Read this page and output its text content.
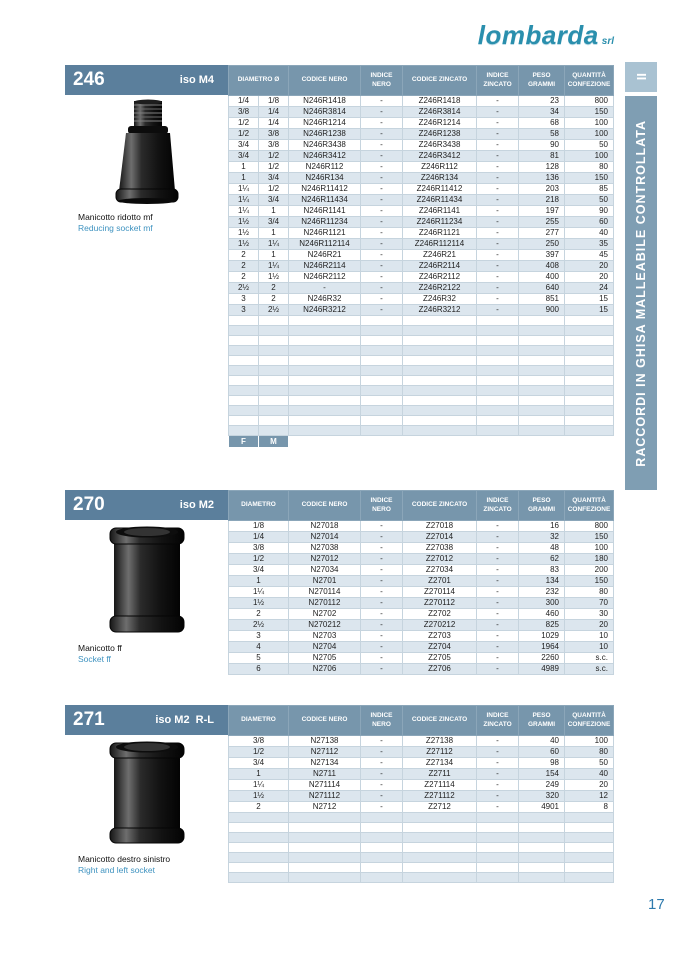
lombarda srl
II
RACCORDI IN GHISA MALLEABILE CONTROLLATA
246	iso M4
Manicotto ridotto mf
Reducing socket mf
DIAMETRO Ø		CODICE NERO	INDICE NERO	CODICE ZINCATO	INDICE ZINCATO	PESO GRAMMI	QUANTITÀ CONFEZIONE
1/4	1/8	N246R1418	-	Z246R1418	-	23	800
3/8	1/4	N246R3814	-	Z246R3814	-	34	150
1/2	1/4	N246R1214	-	Z246R1214	-	68	100
1/2	3/8	N246R1238	-	Z246R1238	-	58	100
3/4	3/8	N246R3438	-	Z246R3438	-	90	50
3/4	1/2	N246R3412	-	Z246R3412	-	81	100
1	1/2	N246R112	-	Z246R112	-	128	80
1	3/4	N246R134	-	Z246R134	-	136	150
1¼	1/2	N246R11412	-	Z246R11412	-	203	85
1¼	3/4	N246R11434	-	Z246R11434	-	218	50
1¼	1	N246R1141	-	Z246R1141	-	197	90
1½	3/4	N246R11234	-	Z246R11234	-	255	60
1½	1	N246R1121	-	Z246R1121	-	277	40
1½	1¼	N246R112114	-	Z246R112114	-	250	35
2	1	N246R21	-	Z246R21	-	397	45
2	1¼	N246R2114	-	Z246R2114	-	408	20
2	1½	N246R2112	-	Z246R2112	-	400	20
2½	2	-	-	Z246R2122	-	640	24
3	2	N246R32	-	Z246R32	-	851	15
3	2½	N246R3212	-	Z246R3212	-	900	15

F	M						
270	iso M2
Manicotto ff
Socket ff
DIAMETRO	CODICE NERO	INDICE NERO	CODICE ZINCATO	INDICE ZINCATO	PESO GRAMMI	QUANTITÀ CONFEZIONE
1/8	N27018	-	Z27018	-	16	800
1/4	N27014	-	Z27014	-	32	150
3/8	N27038	-	Z27038	-	48	100
1/2	N27012	-	Z27012	-	62	180
3/4	N27034	-	Z27034	-	83	200
1	N2701	-	Z2701	-	134	150
1¼	N270114	-	Z270114	-	232	80
1½	N270112	-	Z270112	-	300	70
2	N2702	-	Z2702	-	460	30
2½	N270212	-	Z270212	-	825	20
3	N2703	-	Z2703	-	1029	10
4	N2704	-	Z2704	-	1964	10
5	N2705	-	Z2705	-	2260	s.c.
6	N2706	-	Z2706	-	4989	s.c.
271	iso M2  R-L
Manicotto destro sinistro
Right and left socket
DIAMETRO	CODICE NERO	INDICE NERO	CODICE ZINCATO	INDICE ZINCATO	PESO GRAMMI	QUANTITÀ CONFEZIONE
3/8	N27138	-	Z27138	-	40	100
1/2	N27112	-	Z27112	-	60	80
3/4	N27134	-	Z27134	-	98	50
1	N2711	-	Z2711	-	154	40
1¼	N271114	-	Z271114	-	249	20
1½	N271112	-	Z271112	-	320	12
2	N2712	-	Z2712	-	4901	8

17
